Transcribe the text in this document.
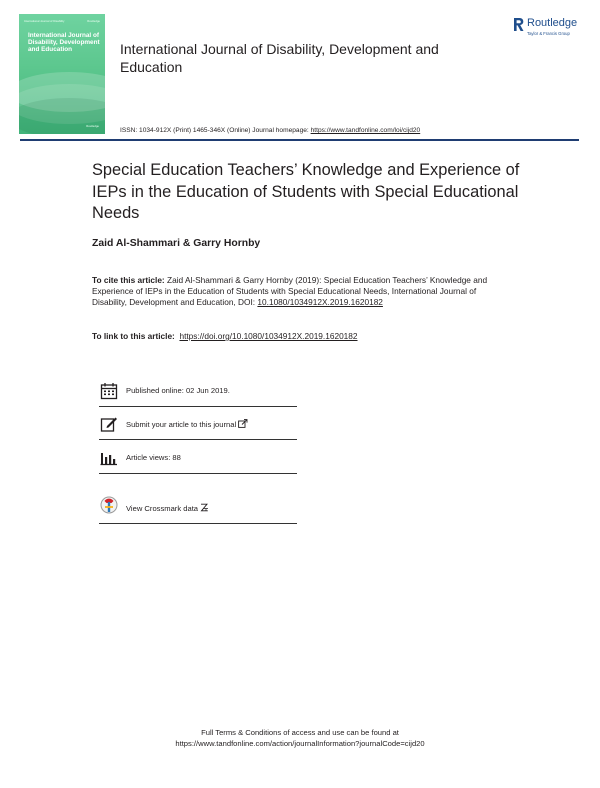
International Journal of Disability	Routledge
International Journal of Disability, Development and Education
Routledge
International Journal of Disability, Development and Education
ISSN: 1034-912X (Print) 1465-346X (Online) Journal homepage: https://www.tandfonline.com/loi/cijd20
Routledge
Taylor & Francis Group
Special Education Teachers’ Knowledge and Experience of IEPs in the Education of Students with Special Educational Needs
Zaid Al-Shammari & Garry Hornby
To cite this article: Zaid Al-Shammari & Garry Hornby (2019): Special Education Teachers’ Knowledge and Experience of IEPs in the Education of Students with Special Educational Needs, International Journal of Disability, Development and Education, DOI: 10.1080/1034912X.2019.1620182
To link to this article: https://doi.org/10.1080/1034912X.2019.1620182
Published online: 02 Jun 2019.
Submit your article to this journal
Article views: 88
View Crossmark data
Full Terms & Conditions of access and use can be found at
https://www.tandfonline.com/action/journalInformation?journalCode=cijd20
